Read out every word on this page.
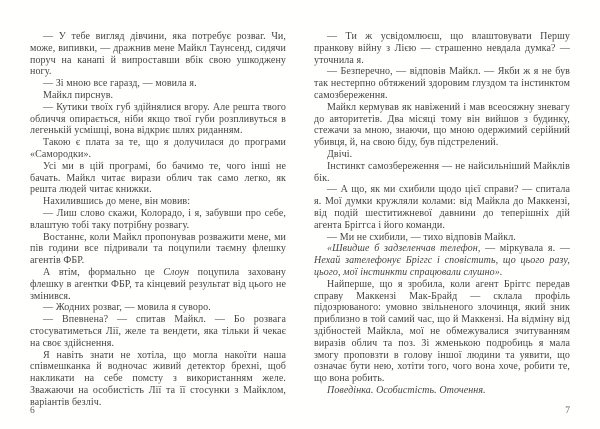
— У тебе вигляд дівчини, яка потребує розваг. Чи, може, випивки, — дражнив мене Майкл Таунсенд, сидячи поруч на канапі й випроставши вбік свою ушкоджену ногу.

— Зі мною все гаразд, — мовила я.

Майкл пирснув.

— Кутики твоїх губ здійнялися вгору. Але решта твого обличчя опирається, ніби якщо твої губи розпливуться в легенькій усмішці, вона відкриє шлях риданням.

Такою є плата за те, що я долучилася до програми «Самородки».

Усі ми в цій програмі, бо бачимо те, чого інші не бачать. Майкл читає вирази облич так само легко, як решта людей читає книжки.

Нахилившись до мене, він мовив:

— Лиш слово скажи, Колорадо, і я, забувши про себе, влаштую тобі таку потрібну розвагу.

Востаннє, коли Майкл пропонував розважити мене, ми пів години все підривали та поцупили таємну флешку агентів ФБР.

А втім, формально це Слоун поцупила заховану флешку в агентки ФБР, та кінцевий результат від цього не змінився.

— Жодних розваг, — мовила я суворо.

— Впевнена? — спитав Майкл. — Бо розвага стосуватиметься Лії, желе та вендети, яка тільки й чекає на своє здійснення.

Я навіть знати не хотіла, що могла накоїти наша співмешканка й водночас живий детектор брехні, щоб накликати на себе помсту з використанням желе. Зважаючи на особистість Лії та її стосунки з Майклом, варіантів безліч.

6

— Ти ж усвідомлюєш, що влаштовувати Першу пранкову війну з Лією — страшенно невдала думка? — уточнила я.

— Безперечно, — відповів Майкл. — Якби ж я не був так нестерпно обтяжений здоровим глуздом та інстинктом самозбереження.

Майкл кермував як навіжений і мав всеосяжну зневагу до авторитетів. Два місяці тому він вийшов з будинку, стежачи за мною, знаючи, що мною одержимий серійний убивця, й, на свою біду, був підстрелений.

Двічі.

Інстинкт самозбереження — не найсильніший Майклів бік.

— А що, як ми схибили щодо цієї справи? — спитала я. Мої думки кружляли колами: від Майкла до Маккензі, від подій шеститижневої давнини до теперішніх дій агента Бріггса і його команди.

— Ми не схибили, — тихо відповів Майкл.

«Швидше б задзеленчав телефон, — міркувала я. — Нехай зателефонує Бріггс і сповістить, що цього разу, цього, мої інстинкти спрацювали слушно».

Найперше, що я зробила, коли агент Бріггс передав справу Маккензі Мак-Брайд — склала профіль підозрюваного: умовно звільненого злочинця, який зник приблизно в той самий час, що й Маккензі. На відміну від здібностей Майкла, мої не обмежувалися зчитуванням виразів облич та поз. Зі жменькою подробиць я мала змогу проповзти в голову іншої людини та уявити, що означає бути нею, хотіти того, чого вона хоче, робити те, що вона робить.

Поведінка. Особистість. Оточення.

7
